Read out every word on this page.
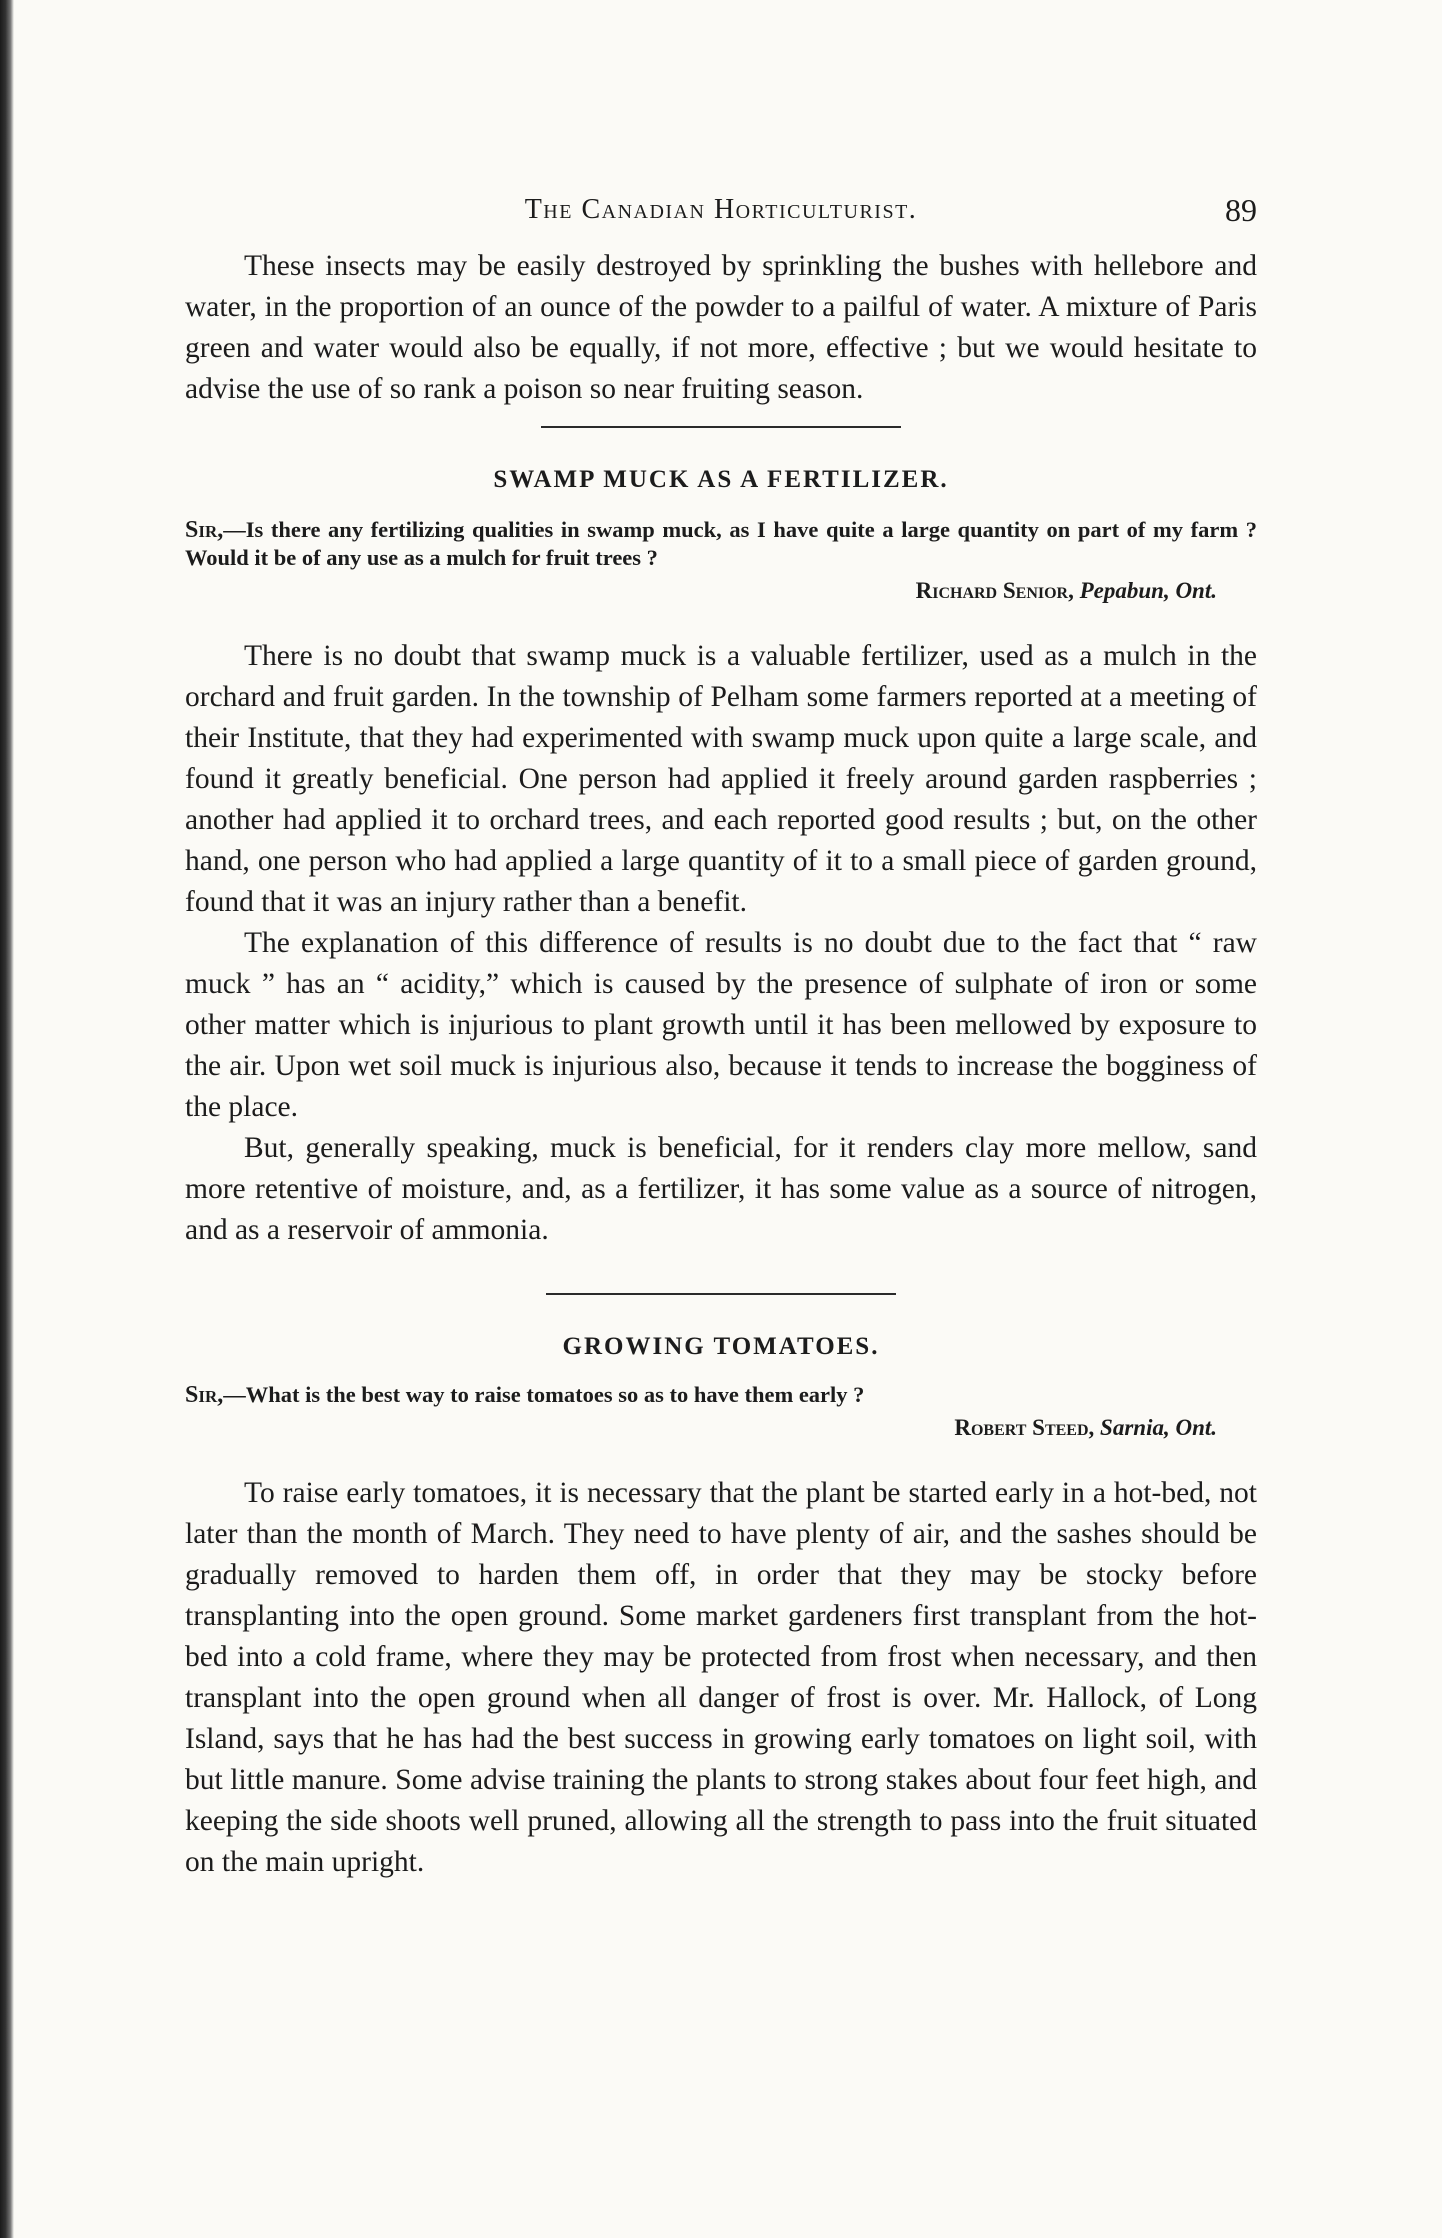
The Canadian Horticulturist.	89

These insects may be easily destroyed by sprinkling the bushes with hellebore and water, in the proportion of an ounce of the powder to a pailful of water. A mixture of Paris green and water would also be equally, if not more, effective ; but we would hesitate to advise the use of so rank a poison so near fruiting season.

SWAMP MUCK AS A FERTILIZER.

Sir,—Is there any fertilizing qualities in swamp muck, as I have quite a large quantity on part of my farm ? Would it be of any use as a mulch for fruit trees ?

Richard Senior, Pepabun, Ont.

There is no doubt that swamp muck is a valuable fertilizer, used as a mulch in the orchard and fruit garden. In the township of Pelham some farmers reported at a meeting of their Institute, that they had experimented with swamp muck upon quite a large scale, and found it greatly beneficial. One person had applied it freely around garden raspberries ; another had applied it to orchard trees, and each reported good results ; but, on the other hand, one person who had applied a large quantity of it to a small piece of garden ground, found that it was an injury rather than a benefit.

The explanation of this difference of results is no doubt due to the fact that “ raw muck ” has an “ acidity,” which is caused by the presence of sulphate of iron or some other matter which is injurious to plant growth until it has been mellowed by exposure to the air. Upon wet soil muck is injurious also, because it tends to increase the bogginess of the place.

But, generally speaking, muck is beneficial, for it renders clay more mellow, sand more retentive of moisture, and, as a fertilizer, it has some value as a source of nitrogen, and as a reservoir of ammonia.

GROWING TOMATOES.

Sir,—What is the best way to raise tomatoes so as to have them early ?

Robert Steed, Sarnia, Ont.

To raise early tomatoes, it is necessary that the plant be started early in a hot-bed, not later than the month of March. They need to have plenty of air, and the sashes should be gradually removed to harden them off, in order that they may be stocky before transplanting into the open ground. Some market gardeners first transplant from the hot-bed into a cold frame, where they may be protected from frost when necessary, and then transplant into the open ground when all danger of frost is over. Mr. Hallock, of Long Island, says that he has had the best success in growing early tomatoes on light soil, with but little manure. Some advise training the plants to strong stakes about four feet high, and keeping the side shoots well pruned, allowing all the strength to pass into the fruit situated on the main upright.
